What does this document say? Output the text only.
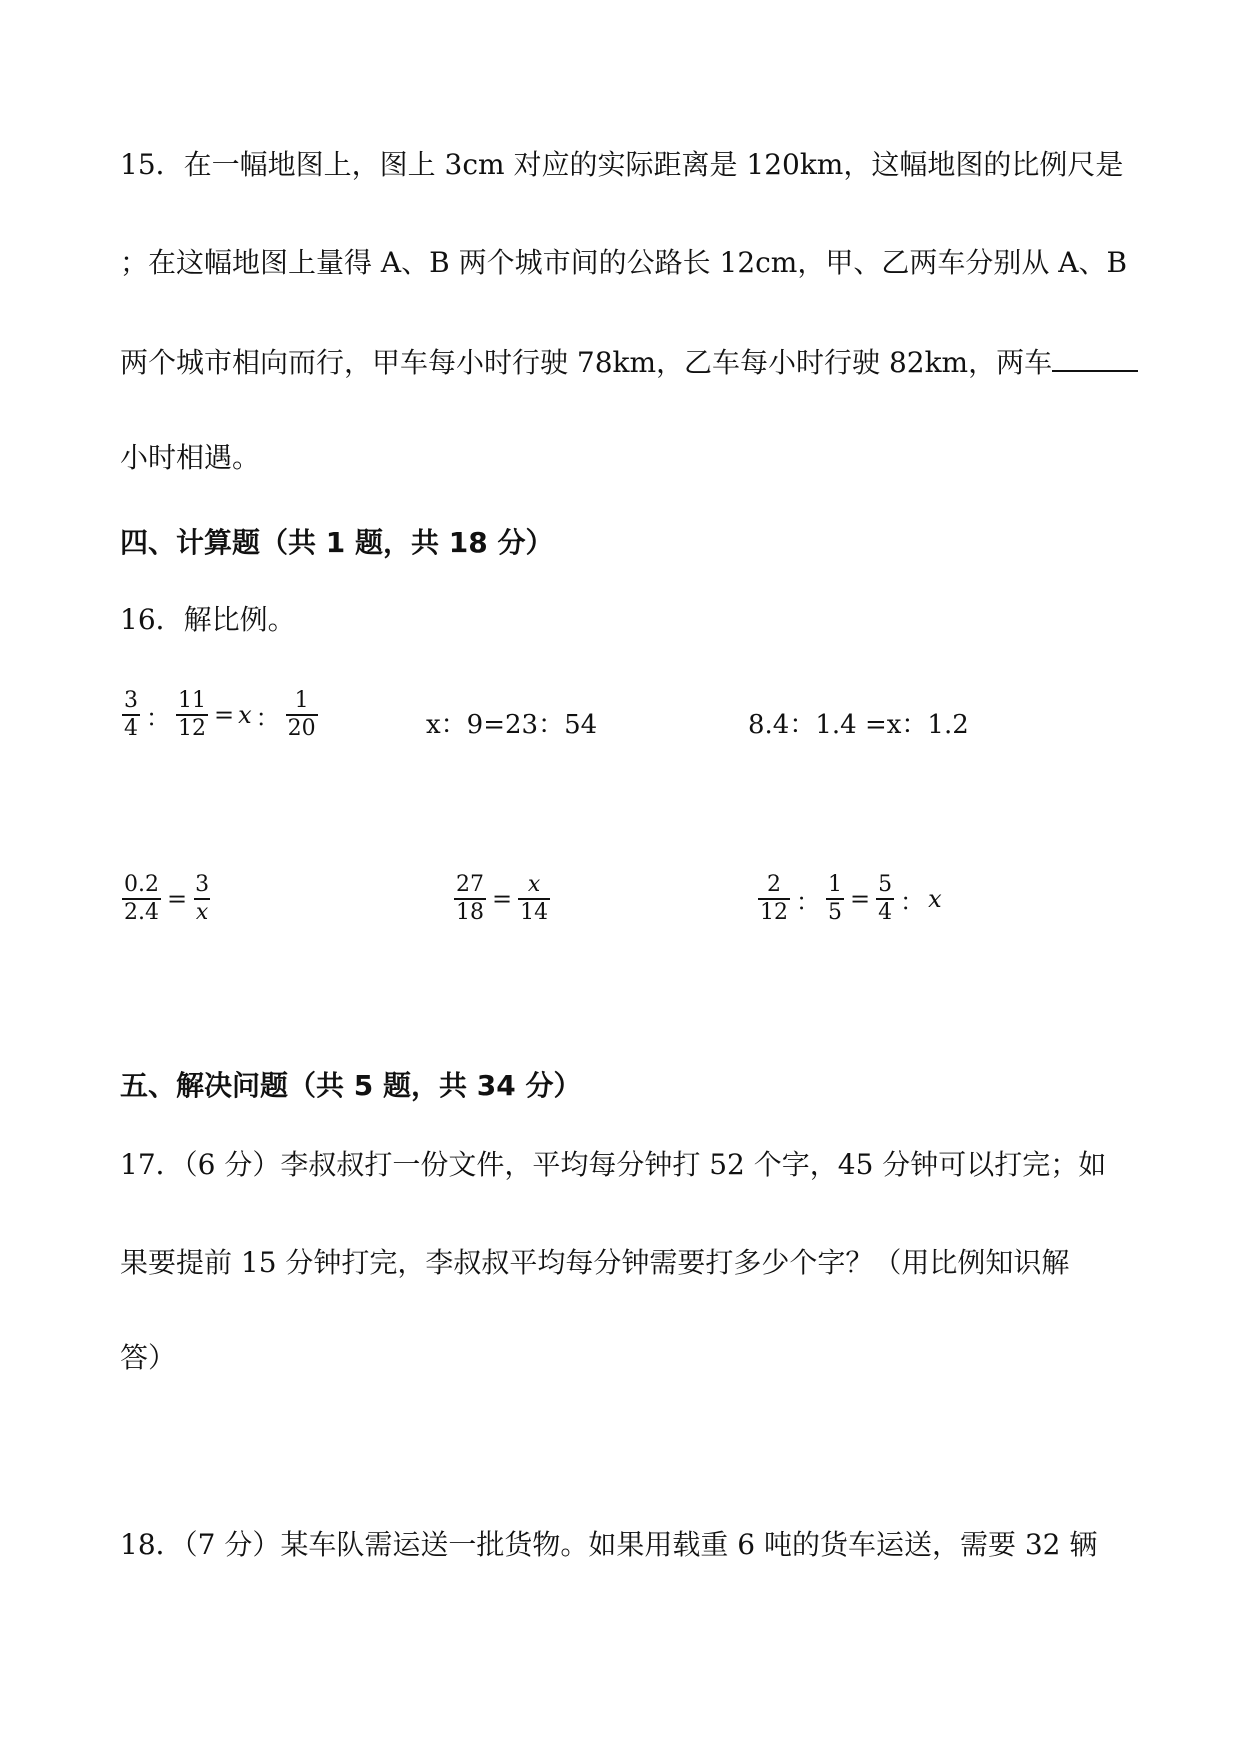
15．在一幅地图上，图上 3cm 对应的实际距离是 120km，这幅地图的比例尺是
；在这幅地图上量得 A、B 两个城市间的公路长 12cm，甲、乙两车分别从 A、B
两个城市相向而行，甲车每小时行驶 78km，乙车每小时行驶 82km，两车
小时相遇。
四、计算题（共 1 题，共 18 分）
16．解比例。
$\frac{3}{4}$ ： $\frac{11}{12} = x$ ： $\frac{1}{20}$	x：9=23：54	8.4：1.4 =x：1.2
$\frac{0.2}{2.4} = \frac{3}{x}$	$\frac{27}{18} = \frac{x}{14}$	$\frac{2}{12}$ ： $\frac{1}{5} = \frac{5}{4}$ ： x
五、解决问题（共 5 题，共 34 分）
17．（6 分）李叔叔打一份文件，平均每分钟打 52 个字，45 分钟可以打完；如
果要提前 15 分钟打完，李叔叔平均每分钟需要打多少个字？（用比例知识解
答）
18．（7 分）某车队需运送一批货物。如果用载重 6 吨的货车运送，需要 32 辆
